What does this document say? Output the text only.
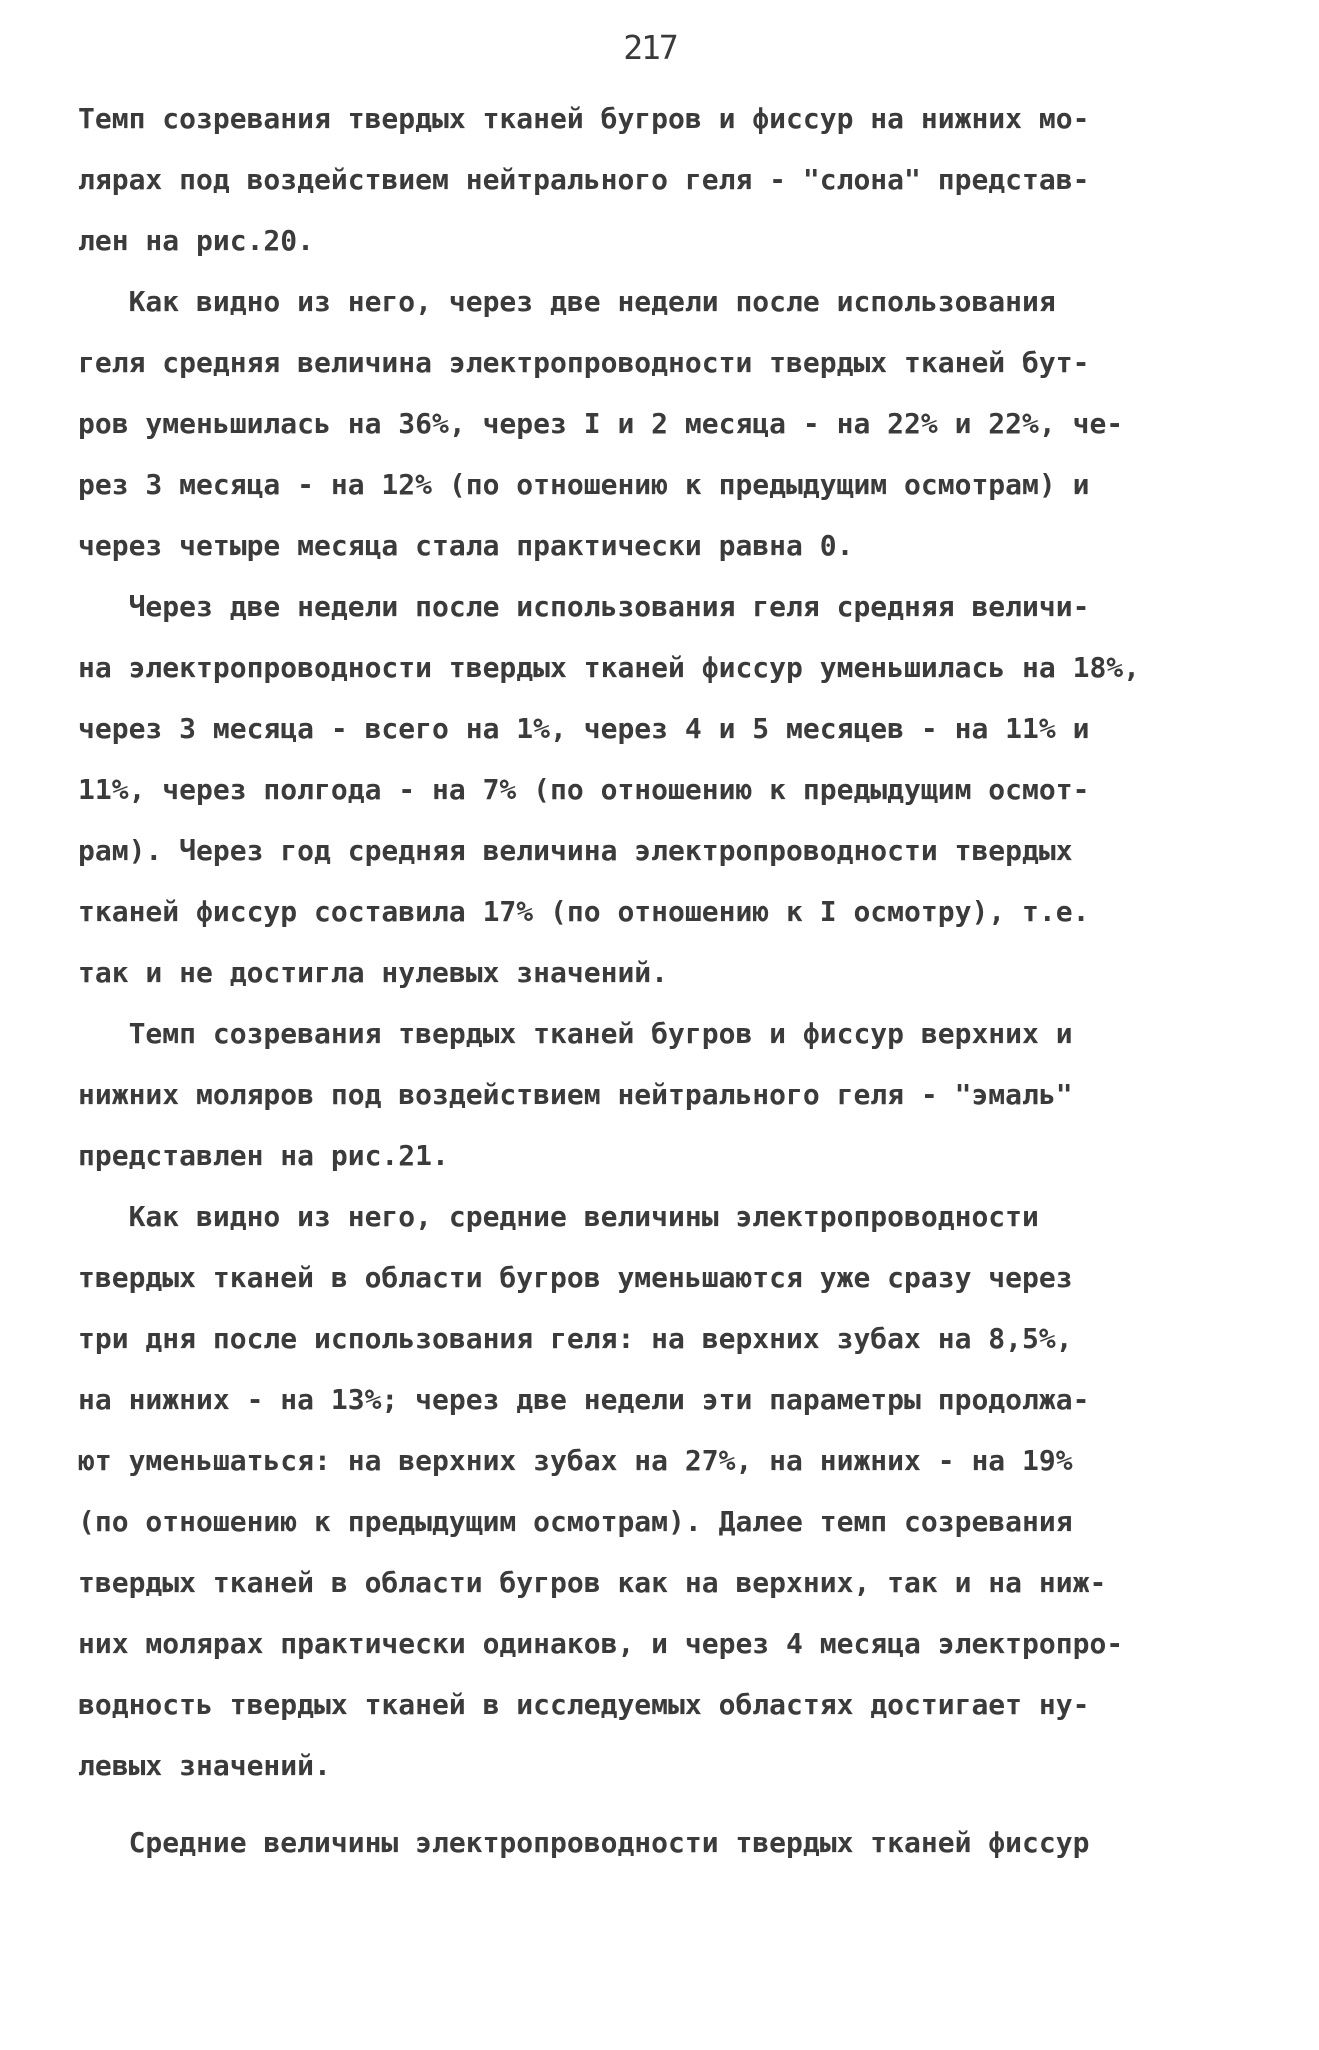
217
Темп созревания твердых тканей бугров и фиссур на нижних мо-
лярах под воздействием нейтрального геля - "слона" представ-
лен на рис.20.
Как видно из него, через две недели после использования
геля средняя величина электропроводности твердых тканей бут-
ров уменьшилась на 36%, через I и 2 месяца - на 22% и 22%, че-
рез 3 месяца - на 12% (по отношению к предыдущим осмотрам) и
через четыре месяца стала практически равна 0.
Через две недели после использования геля средняя величи-
на электропроводности твердых тканей фиссур уменьшилась на 18%,
через 3 месяца - всего на 1%, через 4 и 5 месяцев - на 11% и
11%, через полгода - на 7% (по отношению к предыдущим осмот-
рам). Через год средняя величина электропроводности твердых
тканей фиссур составила 17% (по отношению к I осмотру), т.е.
так и не достигла нулевых значений.
Темп созревания твердых тканей бугров и фиссур верхних и
нижних моляров под воздействием нейтрального геля - "эмаль"
представлен на рис.21.
Как видно из него, средние величины электропроводности
твердых тканей в области бугров уменьшаются уже сразу через
три дня после использования геля: на верхних зубах на 8,5%,
на нижних - на 13%; через две недели эти параметры продолжа-
ют уменьшаться: на верхних зубах на 27%, на нижних - на 19%
(по отношению к предыдущим осмотрам). Далее темп созревания
твердых тканей в области бугров как на верхних, так и на ниж-
них молярах практически одинаков, и через 4 месяца электропро-
водность твердых тканей в исследуемых областях достигает ну-
левых значений.
Средние величины электропроводности твердых тканей фиссур
